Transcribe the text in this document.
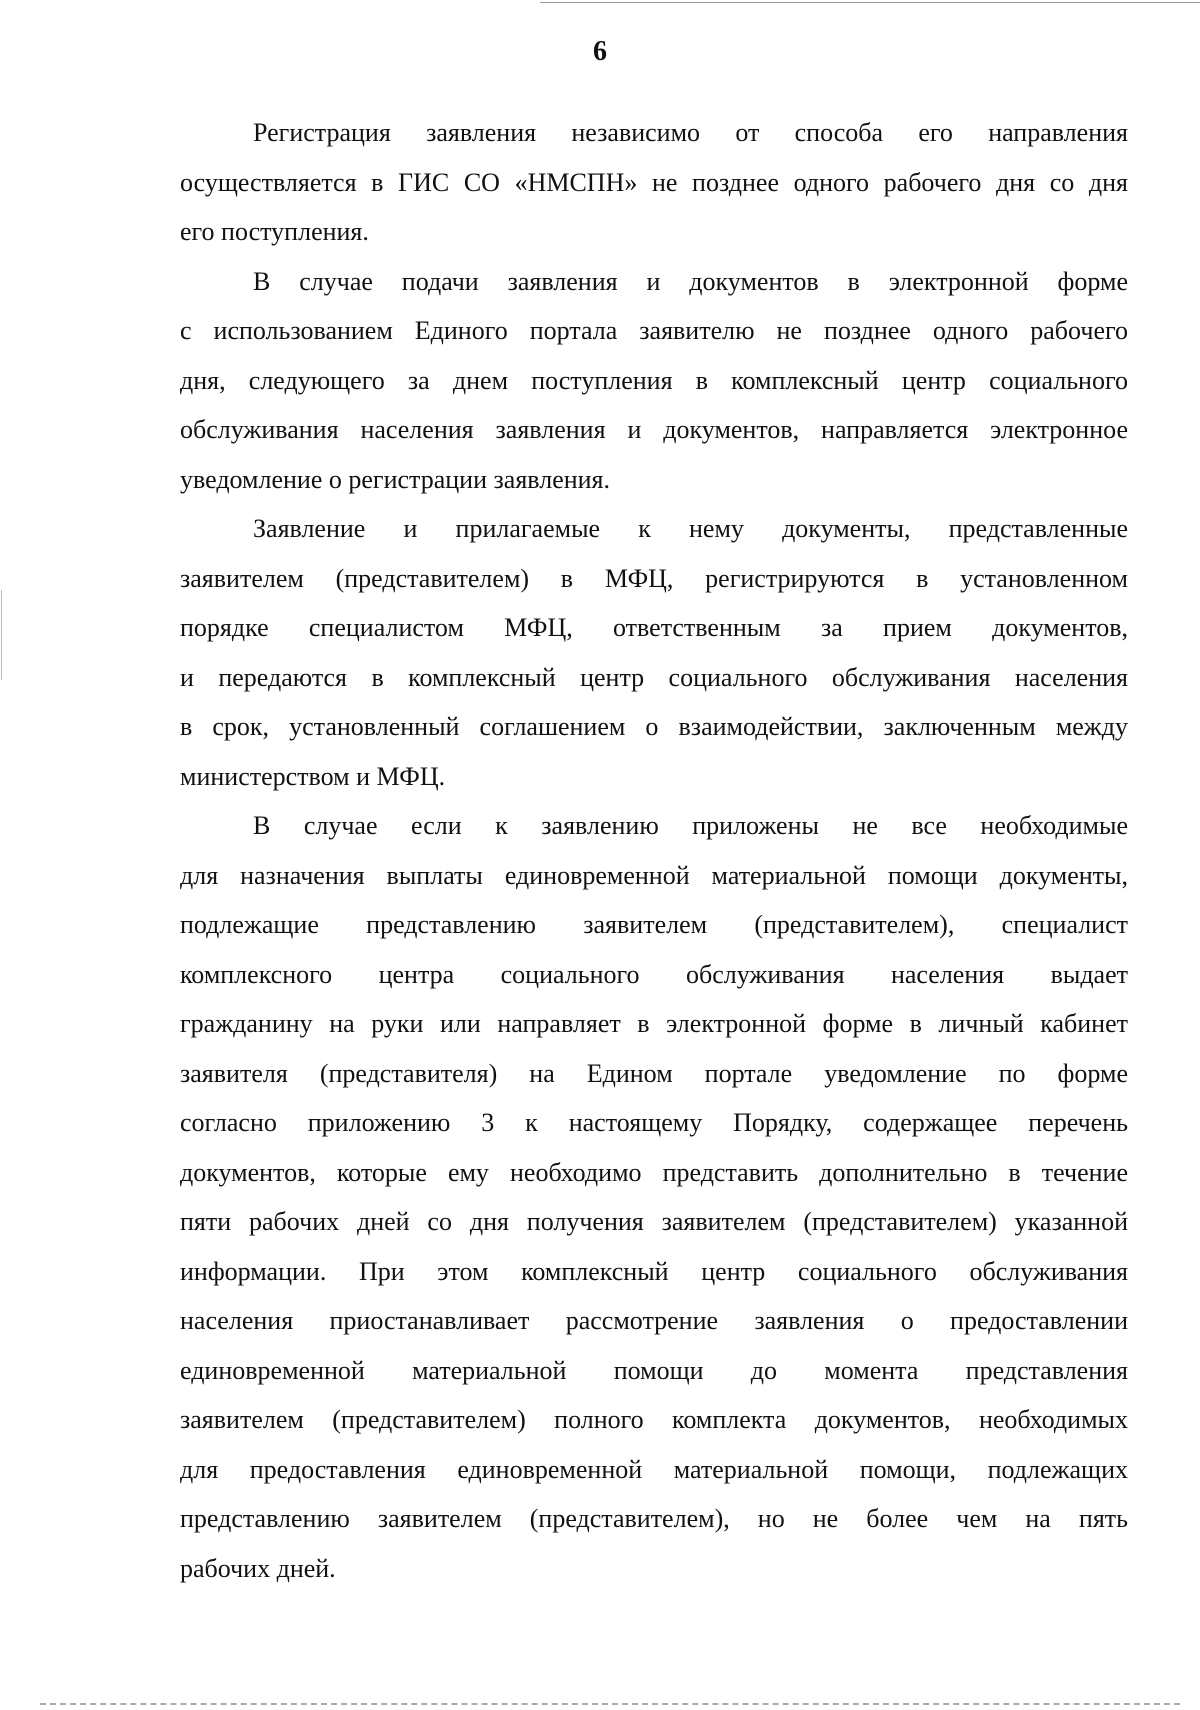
6
Регистрация заявления независимо от способа его направления
осуществляется в ГИС СО «НМСПН» не позднее одного рабочего дня со дня
его поступления.
В случае подачи заявления и документов в электронной форме
с использованием Единого портала заявителю не позднее одного рабочего
дня, следующего за днем поступления в комплексный центр социального
обслуживания населения заявления и документов, направляется электронное
уведомление о регистрации заявления.
Заявление и прилагаемые к нему документы, представленные
заявителем (представителем) в МФЦ, регистрируются в установленном
порядке специалистом МФЦ, ответственным за прием документов,
и передаются в комплексный центр социального обслуживания населения
в срок, установленный соглашением о взаимодействии, заключенным между
министерством и МФЦ.
В случае если к заявлению приложены не все необходимые
для назначения выплаты единовременной материальной помощи документы,
подлежащие представлению заявителем (представителем), специалист
комплексного центра социального обслуживания населения выдает
гражданину на руки или направляет в электронной форме в личный кабинет
заявителя (представителя) на Едином портале уведомление по форме
согласно приложению 3 к настоящему Порядку, содержащее перечень
документов, которые ему необходимо представить дополнительно в течение
пяти рабочих дней со дня получения заявителем (представителем) указанной
информации. При этом комплексный центр социального обслуживания
населения приостанавливает рассмотрение заявления о предоставлении
единовременной материальной помощи до момента представления
заявителем (представителем) полного комплекта документов, необходимых
для предоставления единовременной материальной помощи, подлежащих
представлению заявителем (представителем), но не более чем на пять
рабочих дней.
